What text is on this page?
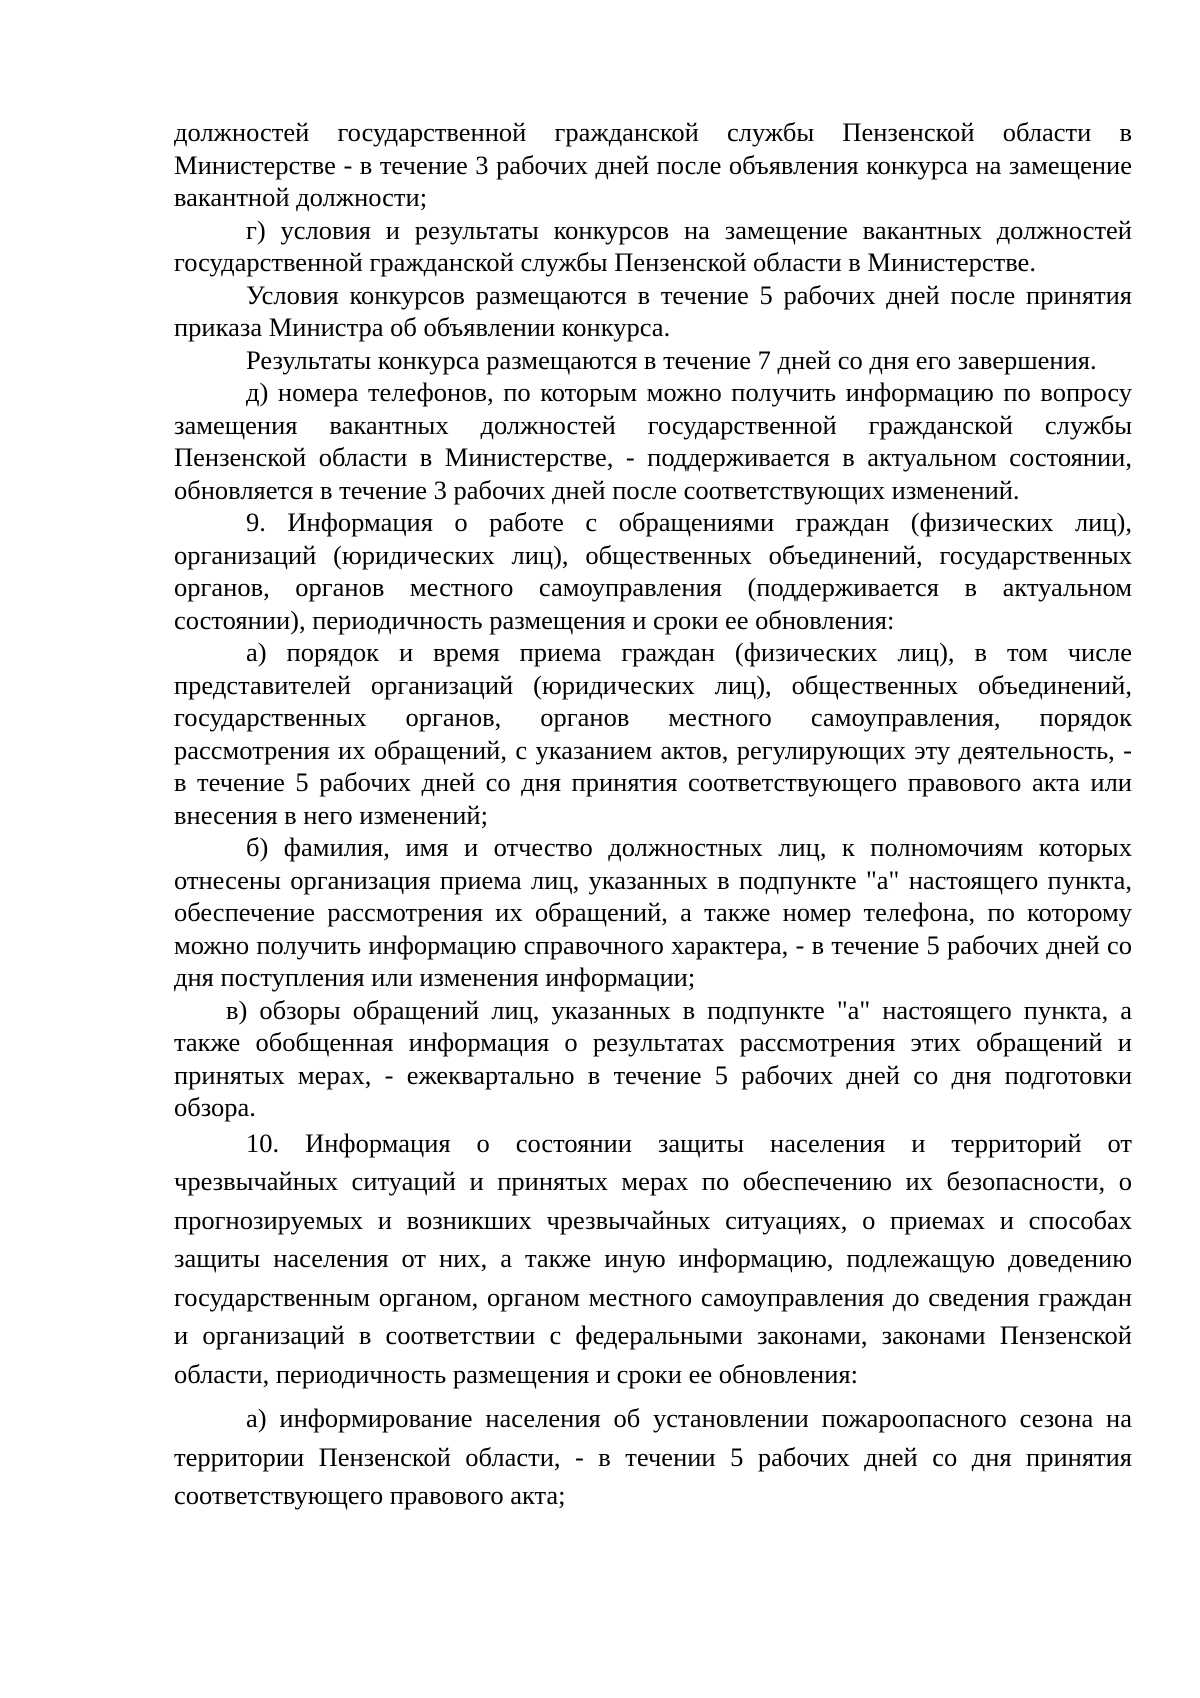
должностей государственной гражданской службы Пензенской области в Министерстве - в течение 3 рабочих дней после объявления конкурса на замещение вакантной должности;

г) условия и результаты конкурсов на замещение вакантных должностей государственной гражданской службы Пензенской области в Министерстве.

Условия конкурсов размещаются в течение 5 рабочих дней после принятия приказа Министра об объявлении конкурса.

Результаты конкурса размещаются в течение 7 дней со дня его завершения.

д) номера телефонов, по которым можно получить информацию по вопросу замещения вакантных должностей государственной гражданской службы Пензенской области в Министерстве, - поддерживается в актуальном состоянии, обновляется в течение 3 рабочих дней после соответствующих изменений.

9. Информация о работе с обращениями граждан (физических лиц), организаций (юридических лиц), общественных объединений, государственных органов, органов местного самоуправления (поддерживается в актуальном состоянии), периодичность размещения и сроки ее обновления:

а) порядок и время приема граждан (физических лиц), в том числе представителей организаций (юридических лиц), общественных объединений, государственных органов, органов местного самоуправления, порядок рассмотрения их обращений, с указанием актов, регулирующих эту деятельность, - в течение 5 рабочих дней со дня принятия соответствующего правового акта или внесения в него изменений;

б) фамилия, имя и отчество должностных лиц, к полномочиям которых отнесены организация приема лиц, указанных в подпункте "а" настоящего пункта, обеспечение рассмотрения их обращений, а также номер телефона, по которому можно получить информацию справочного характера, - в течение 5 рабочих дней со дня поступления или изменения информации;

в) обзоры обращений лиц, указанных в подпункте "а" настоящего пункта, а также обобщенная информация о результатах рассмотрения этих обращений и принятых мерах, - ежеквартально в течение 5 рабочих дней со дня подготовки обзора.

10. Информация о состоянии защиты населения и территорий от чрезвычайных ситуаций и принятых мерах по обеспечению их безопасности, о прогнозируемых и возникших чрезвычайных ситуациях, о приемах и способах защиты населения от них, а также иную информацию, подлежащую доведению государственным органом, органом местного самоуправления до сведения граждан и организаций в соответствии с федеральными законами, законами Пензенской области, периодичность размещения и сроки ее обновления:

а) информирование населения об установлении пожароопасного сезона на территории Пензенской области, - в течении 5 рабочих дней со дня принятия соответствующего правового акта;
